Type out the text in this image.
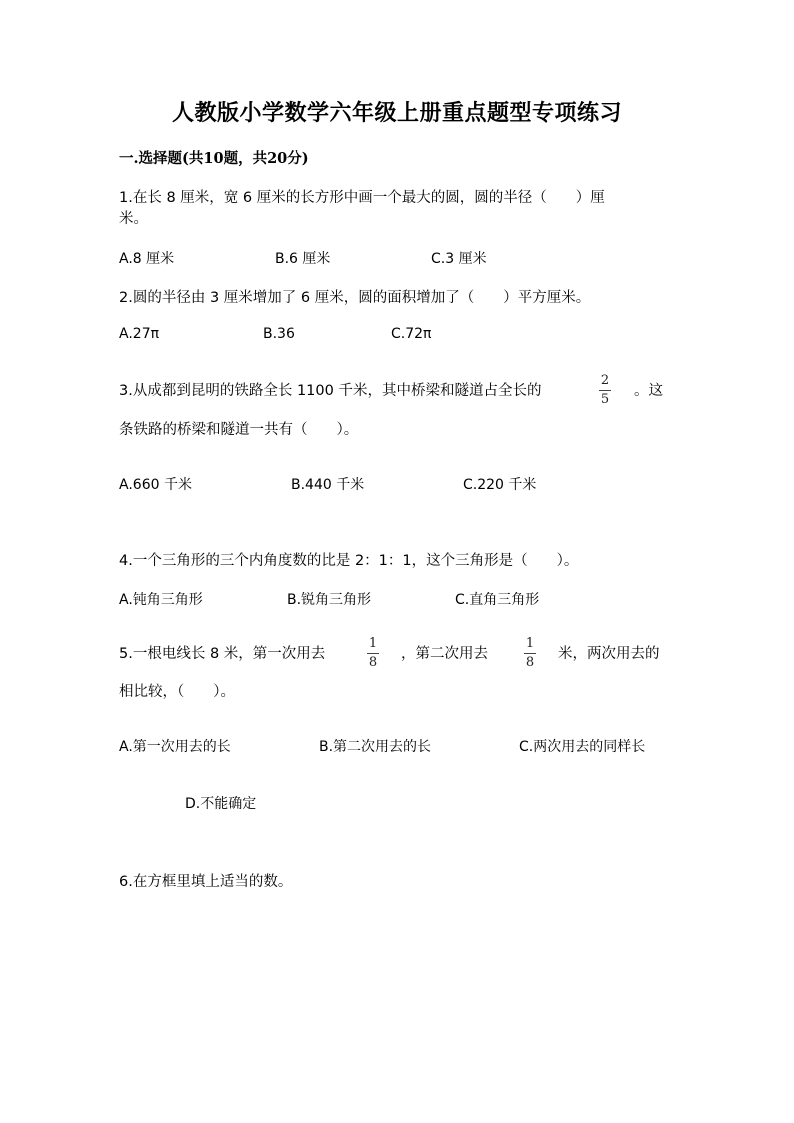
人教版小学数学六年级上册重点题型专项练习
一.选择题(共10题，共20分)
1.在长 8 厘米，宽 6 厘米的长方形中画一个最大的圆，圆的半径（　　）厘
米。
A.8 厘米	B.6 厘米	C.3 厘米
2.圆的半径由 3 厘米增加了 6 厘米，圆的面积增加了（　　）平方厘米。
A.27π	B.36	C.72π
3.从成都到昆明的铁路全长 1100 千米，其中桥梁和隧道占全长的
2
5
。这
条铁路的桥梁和隧道一共有（　　）。
A.660 千米	B.440 千米	C.220 千米
4.一个三角形的三个内角度数的比是 2：1：1，这个三角形是（　　）。
A.钝角三角形	B.锐角三角形	C.直角三角形
5.一根电线长 8 米，第一次用去
1
8
，第二次用去
1
8
米，两次用去的
相比较，（　　）。
A.第一次用去的长	B.第二次用去的长	C.两次用去的同样长
D.不能确定
6.在方框里填上适当的数。
